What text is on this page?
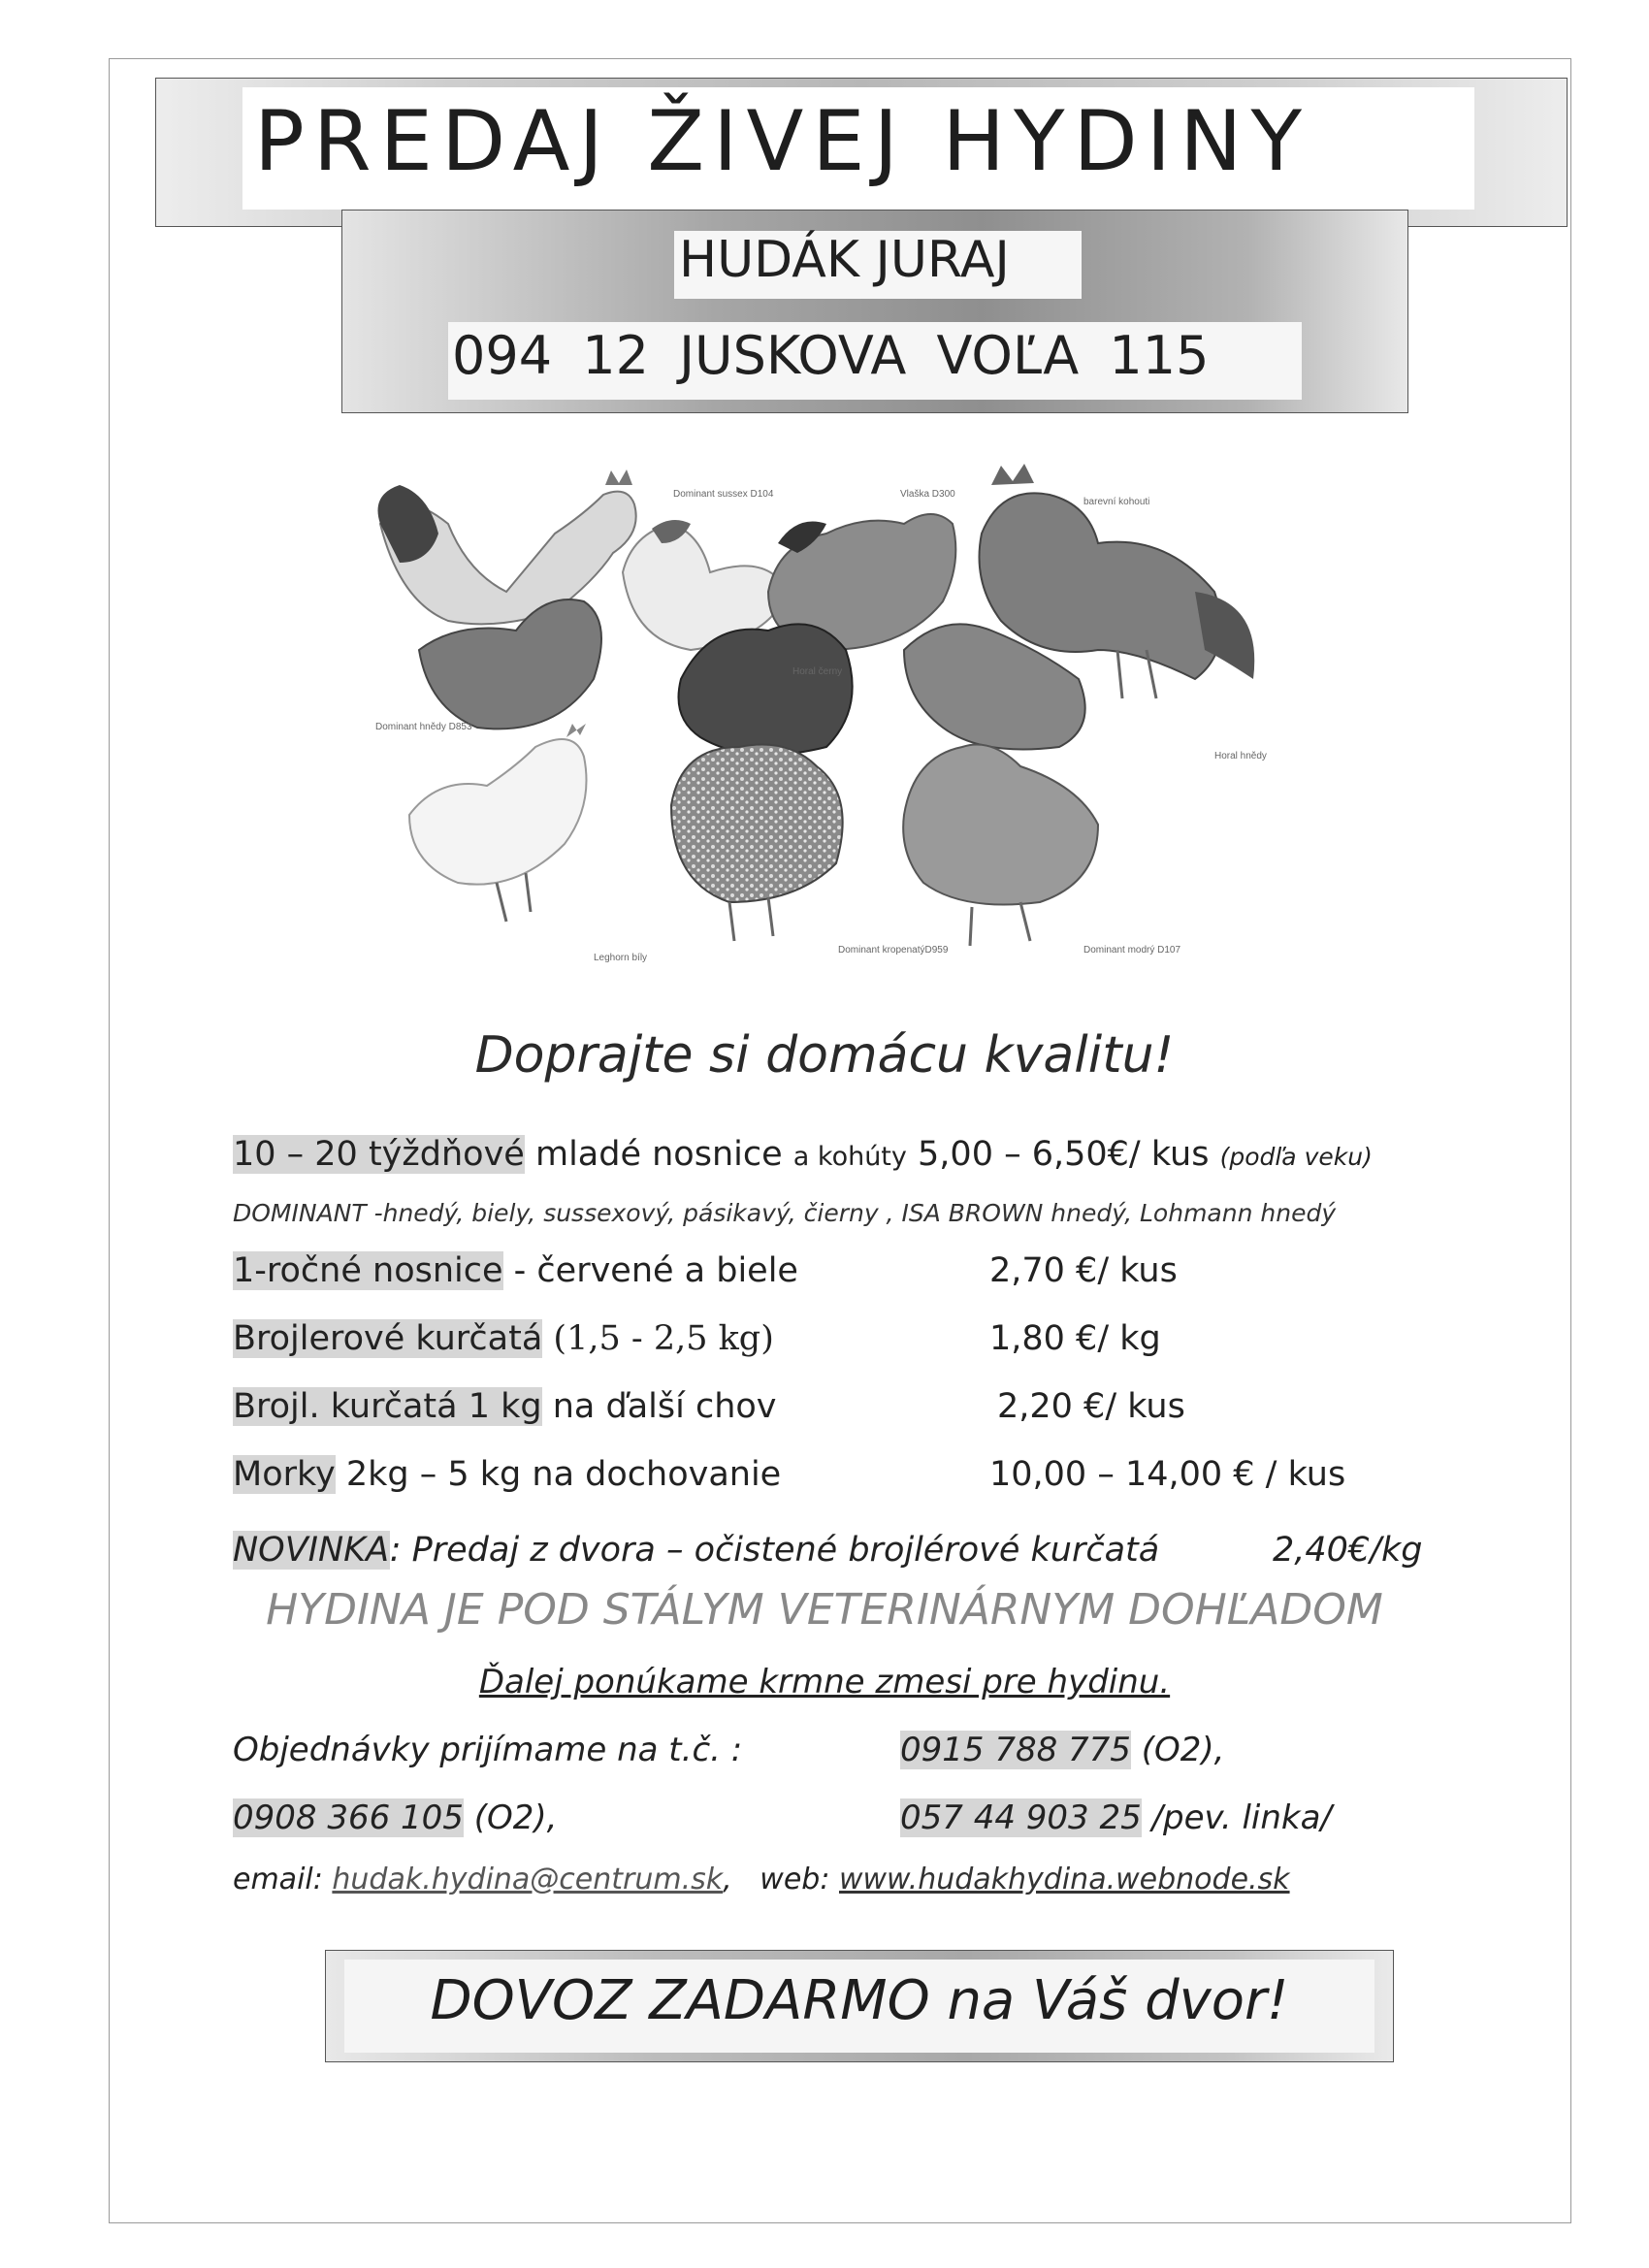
PREDAJ ŽIVEJ HYDINY
HUDÁK JURAJ
094 12 JUSKOVA VOĽA 115
Dominant sussex D104	Vlaška D300
barevní kohouti
Horal černy
Dominant hnědy D853
Horal hnědy
Leghorn bíly
Dominant kropenatýD959	Dominant modrý D107
Doprajte si domácu kvalitu!
10 – 20 týždňové mladé nosnice a kohúty 5,00 – 6,50€/ kus (podľa veku)
DOMINANT -hnedý, biely, sussexový, pásikavý, čierny , ISA BROWN hnedý, Lohmann hnedý
1-ročné nosnice - červené a biele	2,70 €/ kus
Brojlerové kurčatá (1,5 - 2,5 kg)	1,80 €/ kg
Brojl. kurčatá 1 kg na ďalší chov	2,20 €/ kus
Morky 2kg – 5 kg na dochovanie	10,00 – 14,00 € / kus
NOVINKA: Predaj z dvora – očistené brojlérové kurčatá	2,40€/kg
HYDINA JE POD STÁLYM VETERINÁRNYM DOHĽADOM
Ďalej ponúkame krmne zmesi pre hydinu.
Objednávky prijímame na t.č. :	0915 788 775 (O2),
0908 366 105 (O2),	057 44 903 25 /pev. linka/
email: hudak.hydina@centrum.sk,   web: www.hudakhydina.webnode.sk
DOVOZ ZADARMO na Váš dvor!
